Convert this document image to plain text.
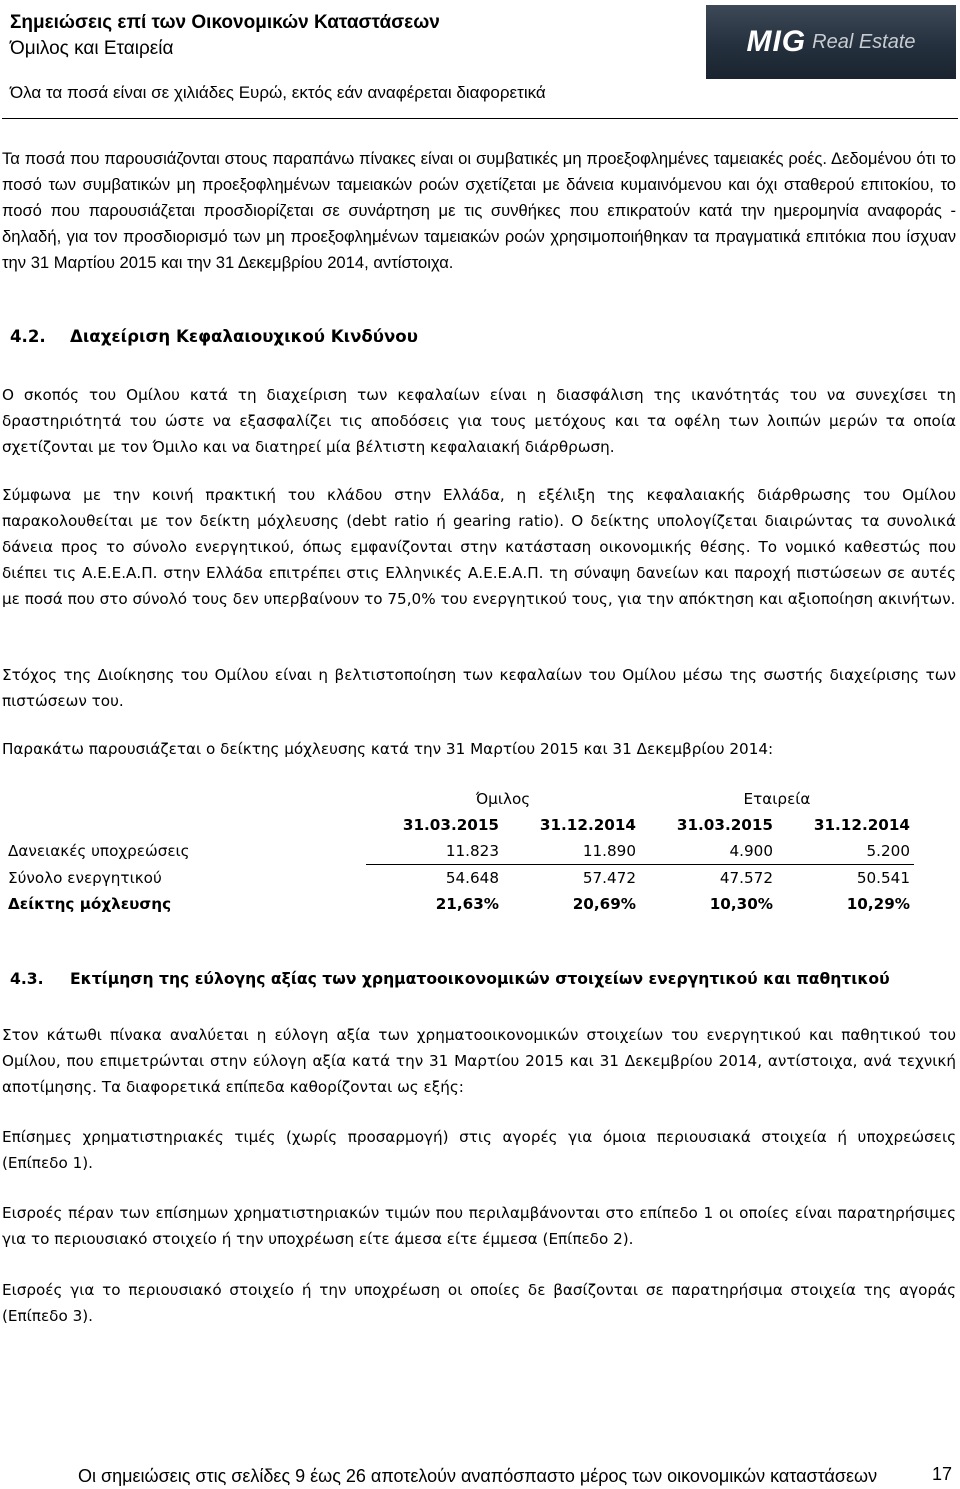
Σημειώσεις επί των Οικονομικών Καταστάσεων
Όμιλος και Εταιρεία
Όλα τα ποσά είναι σε χιλιάδες Ευρώ, εκτός εάν αναφέρεται διαφορετικά
MIG Real Estate
Τα ποσά που παρουσιάζονται στους παραπάνω πίνακες είναι οι συμβατικές μη προεξοφλημένες ταμειακές ροές. Δεδομένου ότι το ποσό των συμβατικών μη προεξοφλημένων ταμειακών ροών σχετίζεται με δάνεια κυμαινόμενου και όχι σταθερού επιτοκίου, το ποσό που παρουσιάζεται προσδιορίζεται σε συνάρτηση με τις συνθήκες που επικρατούν κατά την ημερομηνία αναφοράς - δηλαδή, για τον προσδιορισμό των μη προεξοφλημένων ταμειακών ροών χρησιμοποιήθηκαν τα πραγματικά επιτόκια που ίσχυαν την 31 Μαρτίου 2015 και την 31 Δεκεμβρίου 2014, αντίστοιχα.
4.2. Διαχείριση Κεφαλαιουχικού Κινδύνου
Ο σκοπός του Ομίλου κατά τη διαχείριση των κεφαλαίων είναι η διασφάλιση της ικανότητάς του να συνεχίσει τη δραστηριότητά του ώστε να εξασφαλίζει τις αποδόσεις για τους μετόχους και τα οφέλη των λοιπών μερών τα οποία σχετίζονται με τον Όμιλο και να διατηρεί μία βέλτιστη κεφαλαιακή διάρθρωση.
Σύμφωνα με την κοινή πρακτική του κλάδου στην Ελλάδα, η εξέλιξη της κεφαλαιακής διάρθρωσης του Ομίλου παρακολουθείται με τον δείκτη μόχλευσης (debt ratio ή gearing ratio). Ο δείκτης υπολογίζεται διαιρώντας τα συνολικά δάνεια προς το σύνολο ενεργητικού, όπως εμφανίζονται στην κατάσταση οικονομικής θέσης. Το νομικό καθεστώς που διέπει τις Α.Ε.Ε.Α.Π. στην Ελλάδα επιτρέπει στις Ελληνικές Α.Ε.Ε.Α.Π. τη σύναψη δανείων και παροχή πιστώσεων σε αυτές με ποσά που στο σύνολό τους δεν υπερβαίνουν το 75,0% του ενεργητικού τους, για την απόκτηση και αξιοποίηση ακινήτων.
Στόχος της Διοίκησης του Ομίλου είναι η βελτιστοποίηση των κεφαλαίων του Ομίλου μέσω της σωστής διαχείρισης των πιστώσεων του.
Παρακάτω παρουσιάζεται ο δείκτης μόχλευσης κατά την 31 Μαρτίου 2015 και 31 Δεκεμβρίου 2014:
	Όμιλος		Εταιρεία	
	31.03.2015	31.12.2014	31.03.2015	31.12.2014
Δανειακές υποχρεώσεις	11.823	11.890	4.900	5.200
Σύνολο ενεργητικού	54.648	57.472	47.572	50.541
Δείκτης μόχλευσης	21,63%	20,69%	10,30%	10,29%
4.3. Εκτίμηση της εύλογης αξίας των χρηματοοικονομικών στοιχείων ενεργητικού και παθητικού
Στον κάτωθι πίνακα αναλύεται η εύλογη αξία των χρηματοοικονομικών στοιχείων του ενεργητικού και παθητικού του Ομίλου, που επιμετρώνται στην εύλογη αξία κατά την 31 Μαρτίου 2015 και 31 Δεκεμβρίου 2014, αντίστοιχα, ανά τεχνική αποτίμησης. Τα διαφορετικά επίπεδα καθορίζονται ως εξής:
Επίσημες χρηματιστηριακές τιμές (χωρίς προσαρμογή) στις αγορές για όμοια περιουσιακά στοιχεία ή υποχρεώσεις (Επίπεδο 1).
Εισροές πέραν των επίσημων χρηματιστηριακών τιμών που περιλαμβάνονται στο επίπεδο 1 οι οποίες είναι παρατηρήσιμες για το περιουσιακό στοιχείο ή την υποχρέωση είτε άμεσα είτε έμμεσα (Επίπεδο 2).
Εισροές για το περιουσιακό στοιχείο ή την υποχρέωση οι οποίες δε βασίζονται σε παρατηρήσιμα στοιχεία της αγοράς (Επίπεδο 3).
Οι σημειώσεις στις σελίδες 9 έως 26 αποτελούν αναπόσπαστο μέρος των οικονομικών καταστάσεων	17
